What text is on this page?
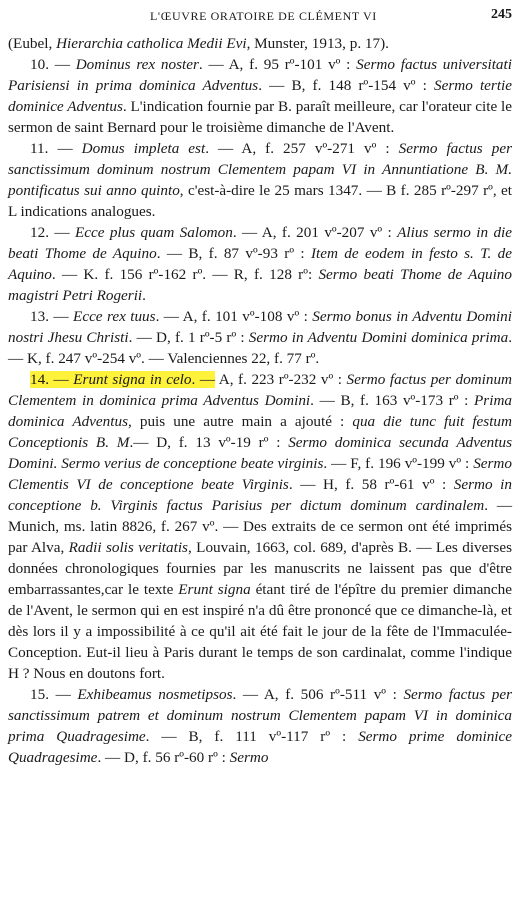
L'ŒUVRE ORATOIRE DE CLÉMENT VI	245

(Eubel, Hierarchia catholica Medii Evi, Munster, 1913, p. 17).

10. — Dominus rex noster. — A, f. 95 rº-101 vº : Sermo factus universitati Parisiensi in prima dominica Adventus. — B, f. 148 rº-154 vº : Sermo tertie dominice Adventus. L'indication fournie par B. paraît meilleure, car l'orateur cite le sermon de saint Bernard pour le troisième dimanche de l'Avent.

11. — Domus impleta est. — A, f. 257 vº-271 vº : Sermo factus per sanctissimum dominum nostrum Clementem papam VI in Annuntiatione B. M. pontificatus sui anno quinto, c'est-à-dire le 25 mars 1347. — B f. 285 rº-297 rº, et L indications analogues.

12. — Ecce plus quam Salomon. — A, f. 201 vº-207 vº : Alius sermo in die beati Thome de Aquino. — B, f. 87 vº-93 rº : Item de eodem in festo s. T. de Aquino. — K. f. 156 rº-162 rº. — R, f. 128 rº: Sermo beati Thome de Aquino magistri Petri Rogerii.

13. — Ecce rex tuus. — A, f. 101 vº-108 vº : Sermo bonus in Adventu Domini nostri Jhesu Christi. — D, f. 1 rº-5 rº : Sermo in Adventu Domini dominica prima. — K, f. 247 vº-254 vº. — Valenciennes 22, f. 77 rº.

14. — Erunt signa in celo. — A, f. 223 rº-232 vº : Sermo factus per dominum Clementem in dominica prima Adventus Domini. — B, f. 163 vº-173 rº : Prima dominica Adventus, puis une autre main a ajouté : qua die tunc fuit festum Conceptionis B. M.— D, f. 13 vº-19 rº : Sermo dominica secunda Adventus Domini. Sermo verius de conceptione beate virginis. — F, f. 196 vº-199 vº : Sermo Clementis VI de conceptione beate Virginis. — H, f. 58 rº-61 vº : Sermo in conceptione b. Virginis factus Parisius per dictum dominum cardinalem. — Munich, ms. latin 8826, f. 267 vº. — Des extraits de ce sermon ont été imprimés par Alva, Radii solis veritatis, Louvain, 1663, col. 689, d'après B. — Les diverses données chronologiques fournies par les manuscrits ne laissent pas que d'être embarrassantes,car le texte Erunt signa étant tiré de l'épître du premier dimanche de l'Avent, le sermon qui en est inspiré n'a dû être prononcé que ce dimanche-là, et dès lors il y a impossibilité à ce qu'il ait été fait le jour de la fête de l'Immaculée-Conception. Eut-il lieu à Paris durant le temps de son cardinalat, comme l'indique H ? Nous en doutons fort.

15. — Exhibeamus nosmetipsos. — A, f. 506 rº-511 vº : Sermo factus per sanctissimum patrem et dominum nostrum Clementem papam VI in dominica prima Quadragesime. — B, f. 111 vº-117 rº : Sermo prime dominice Quadragesime. — D, f. 56 rº-60 rº : Sermo
